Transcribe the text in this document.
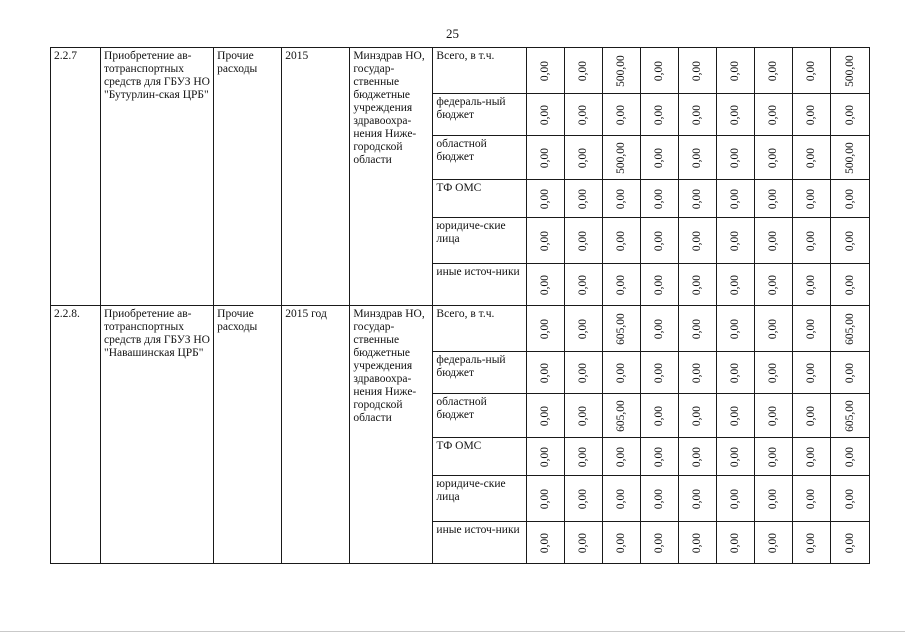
25
2.2.7	Приобретение ав-тотранспортных средств для ГБУЗ НО "Бутурлин-ская ЦРБ"	Прочие расходы	2015	Минздрав НО, государ-ственные бюджетные учреждения здравоохра-нения Ниже-городской области	Всего, в т.ч.	0,00	0,00	500,00	0,00	0,00	0,00	0,00	0,00	500,00

					федераль-ный бюджет	0,00	0,00	0,00	0,00	0,00	0,00	0,00	0,00	0,00

					областной бюджет	0,00	0,00	500,00	0,00	0,00	0,00	0,00	0,00	500,00

					ТФ ОМС	0,00	0,00	0,00	0,00	0,00	0,00	0,00	0,00	0,00

					юридиче-ские лица	0,00	0,00	0,00	0,00	0,00	0,00	0,00	0,00	0,00

					иные источ-ники	0,00	0,00	0,00	0,00	0,00	0,00	0,00	0,00	0,00

2.2.8.	Приобретение ав-тотранспортных средств для ГБУЗ НО "Навашинская ЦРБ"	Прочие расходы	2015 год	Минздрав НО, государ-ственные бюджетные учреждения здравоохра-нения Ниже-городской области	Всего, в т.ч.	0,00	0,00	605,00	0,00	0,00	0,00	0,00	0,00	605,00

					федераль-ный бюджет	0,00	0,00	0,00	0,00	0,00	0,00	0,00	0,00	0,00

					областной бюджет	0,00	0,00	605,00	0,00	0,00	0,00	0,00	0,00	605,00

					ТФ ОМС	0,00	0,00	0,00	0,00	0,00	0,00	0,00	0,00	0,00

					юридиче-ские лица	0,00	0,00	0,00	0,00	0,00	0,00	0,00	0,00	0,00

					иные источ-ники	0,00	0,00	0,00	0,00	0,00	0,00	0,00	0,00	0,00
